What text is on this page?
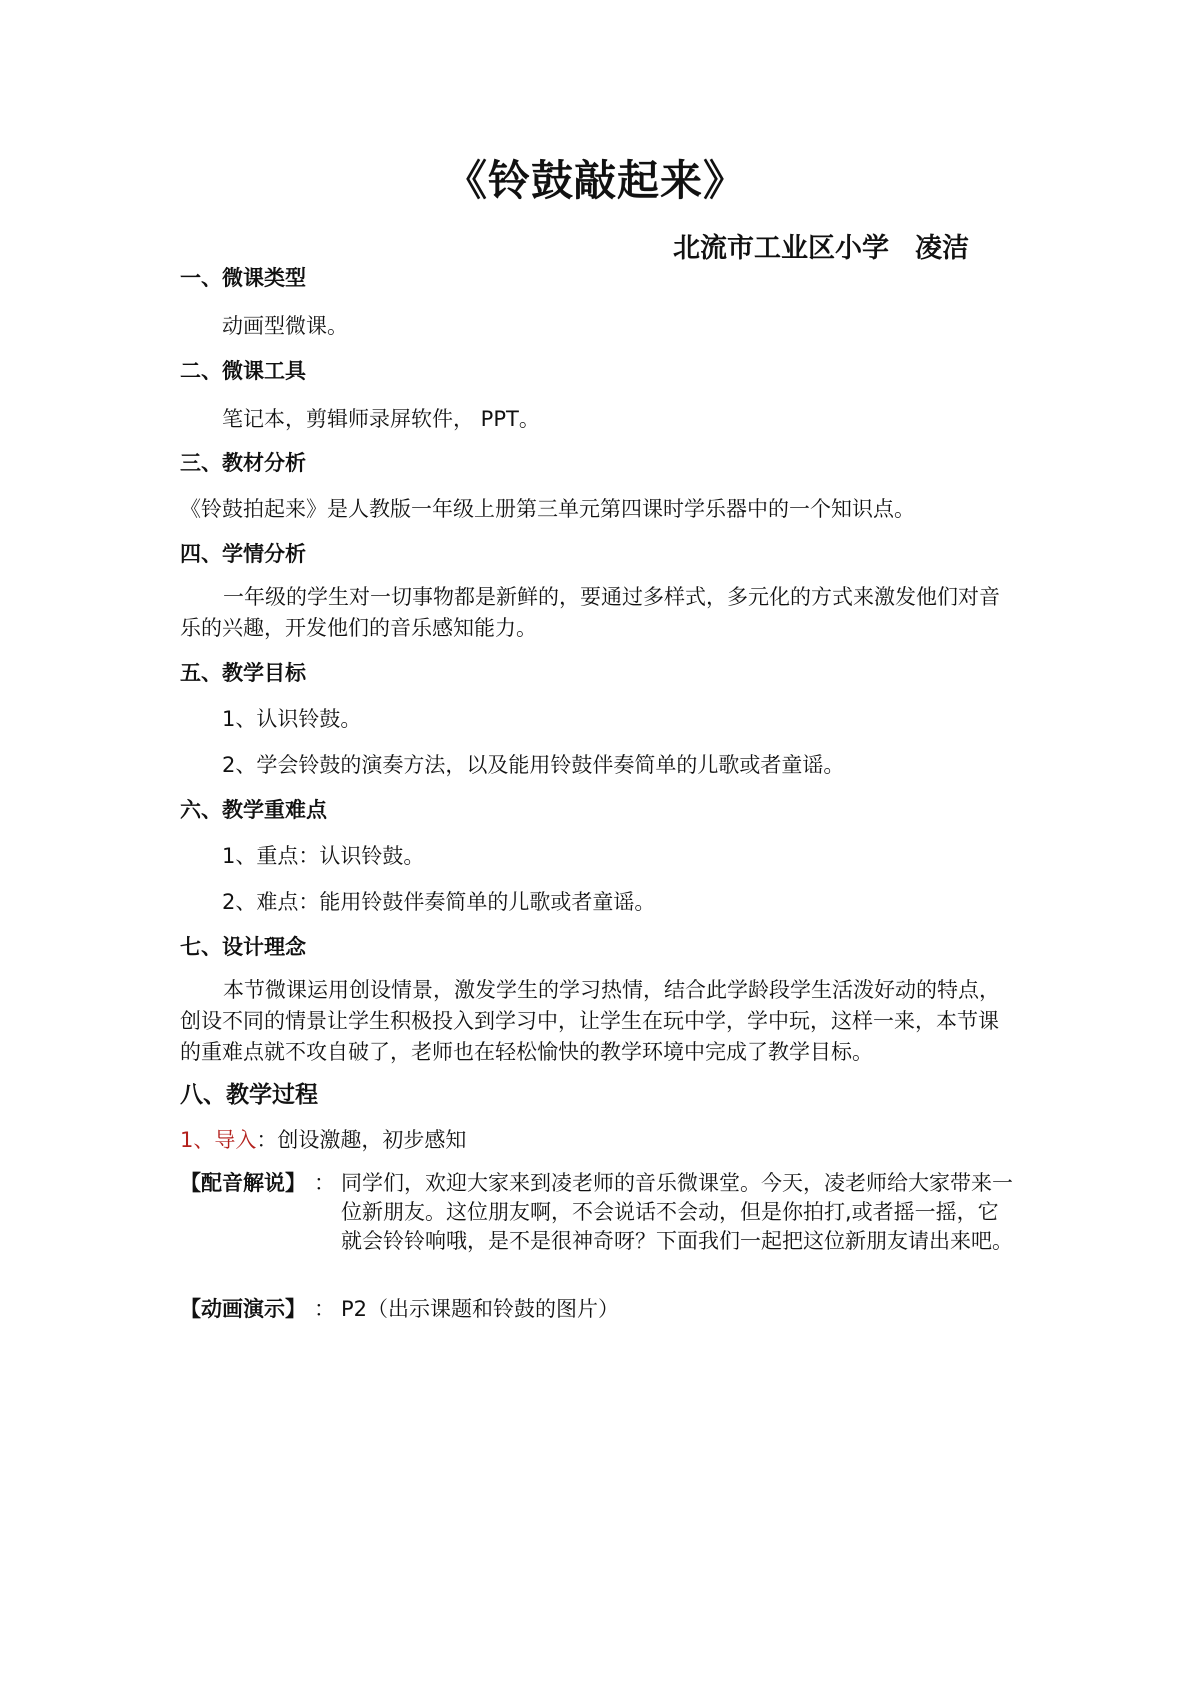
《铃鼓敲起来》
北流市工业区小学 凌洁
一、微课类型
动画型微课。
二、微课工具
笔记本，剪辑师录屏软件， PPT。
三、教材分析
《铃鼓拍起来》是人教版一年级上册第三单元第四课时学乐器中的一个知识点。
四、学情分析
一年级的学生对一切事物都是新鲜的，要通过多样式，多元化的方式来激发他们对音乐的兴趣，开发他们的音乐感知能力。
五、教学目标
1、认识铃鼓。
2、学会铃鼓的演奏方法，以及能用铃鼓伴奏简单的儿歌或者童谣。
六、教学重难点
1、重点：认识铃鼓。
2、难点：能用铃鼓伴奏简单的儿歌或者童谣。
七、设计理念
本节微课运用创设情景，激发学生的学习热情，结合此学龄段学生活泼好动的特点，创设不同的情景让学生积极投入到学习中，让学生在玩中学，学中玩，这样一来，本节课的重难点就不攻自破了，老师也在轻松愉快的教学环境中完成了教学目标。
八、教学过程
1、导入：创设激趣，初步感知
【配音解说】 ： 同学们，欢迎大家来到凌老师的音乐微课堂。今天，凌老师给大家带来一位新朋友。这位朋友啊，不会说话不会动，但是你拍打,或者摇一摇，它就会铃铃响哦，是不是很神奇呀？下面我们一起把这位新朋友请出来吧。
【动画演示】 ： P2（出示课题和铃鼓的图片）
